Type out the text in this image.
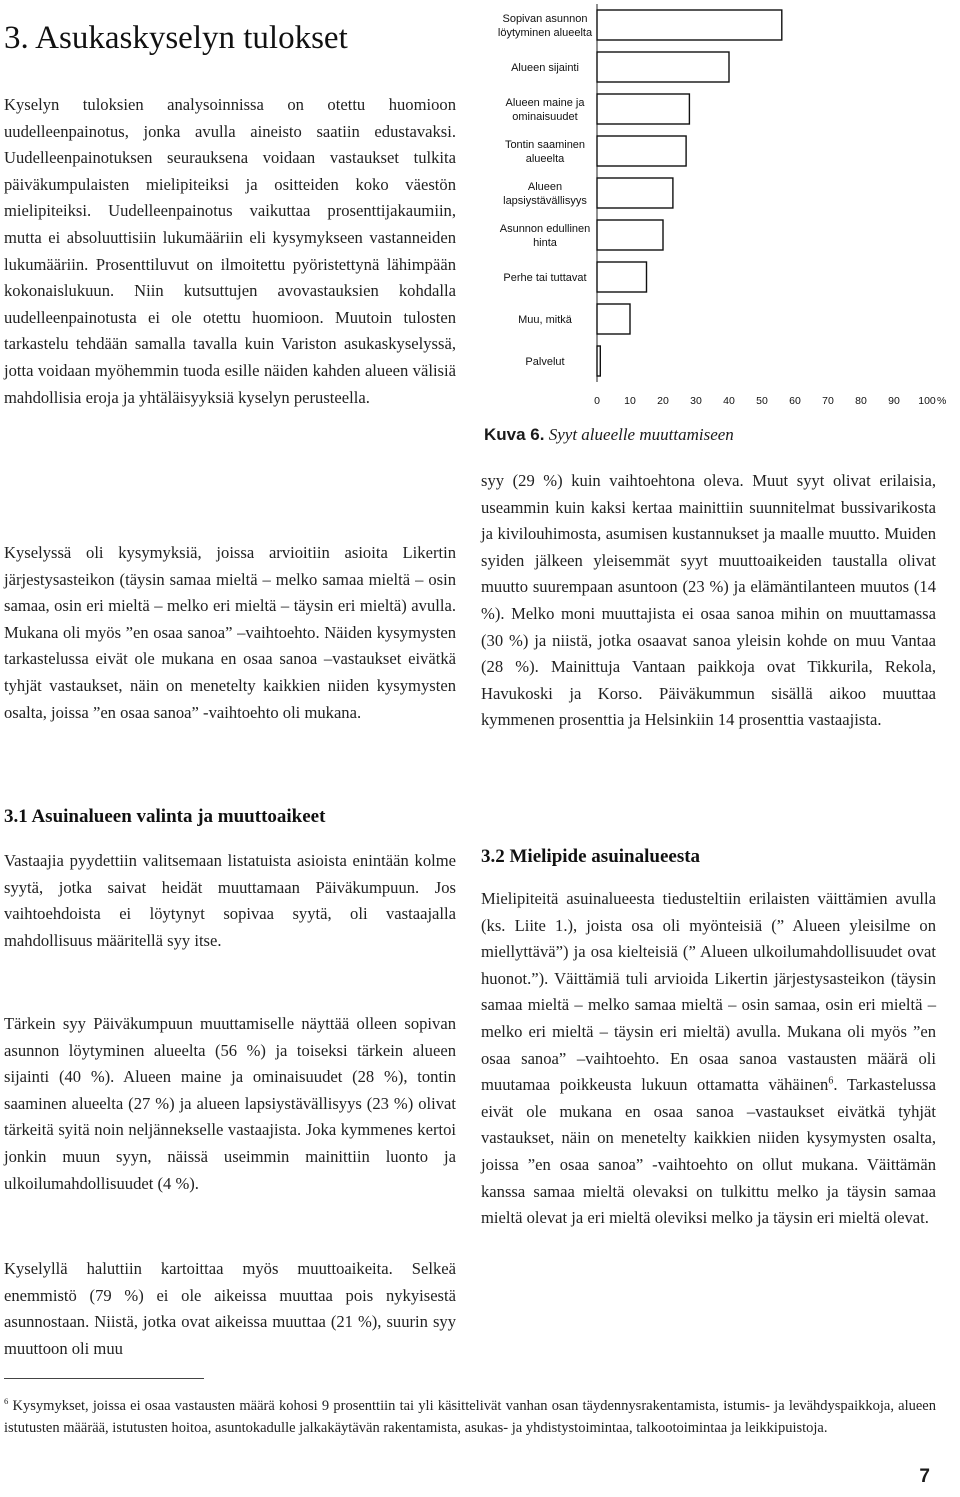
3. Asukaskyselyn tulokset

Kyselyn tuloksien analysoinnissa on otettu huomioon uudelleenpainotus, jonka avulla aineisto saatiin edustavaksi. Uudelleenpainotuksen seurauksena voidaan vastaukset tulkita päiväkumpulaisten mielipiteiksi ja ositteiden koko väestön mielipiteiksi. Uudelleenpainotus vaikuttaa prosenttijakaumiin, mutta ei absoluuttisiin lukumääriin eli kysymykseen vastanneiden lukumääriin. Prosenttiluvut on ilmoitettu pyöristettynä lähimpään kokonaislukuun. Niin kutsuttujen avovastauksien kohdalla uudelleenpainotusta ei ole otettu huomioon. Muutoin tulosten tarkastelu tehdään samalla tavalla kuin Variston asukaskyselyssä, jotta voidaan myöhemmin tuoda esille näiden kahden alueen välisiä mahdollisia eroja ja yhtäläisyyksiä kyselyn perusteella.

Kyselyssä oli kysymyksiä, joissa arvioitiin asioita Likertin järjestysasteikon (täysin samaa mieltä – melko samaa mieltä – osin samaa, osin eri mieltä – melko eri mieltä – täysin eri mieltä) avulla. Mukana oli myös ”en osaa sanoa” –vaihtoehto. Näiden kysymysten tarkastelussa eivät ole mukana en osaa sanoa –vastaukset eivätkä tyhjät vastaukset, näin on menetelty kaikkien niiden kysymysten osalta, joissa ”en osaa sanoa” -vaihtoehto oli mukana.

3.1 Asuinalueen valinta ja muuttoaikeet

Vastaajia pyydettiin valitsemaan listatuista asioista enintään kolme syytä, jotka saivat heidät muuttamaan Päiväkumpuun. Jos vaihtoehdoista ei löytynyt sopivaa syytä, oli vastaajalla mahdollisuus määritellä syy itse.

Tärkein syy Päiväkumpuun muuttamiselle näyttää olleen sopivan asunnon löytyminen alueelta (56 %) ja toiseksi tärkein alueen sijainti (40 %). Alueen maine ja ominaisuudet (28 %), tontin saaminen alueelta (27 %) ja alueen lapsiystävällisyys (23 %) olivat tärkeitä syitä noin neljännekselle vastaajista. Joka kymmenes kertoi jonkin muun syyn, näissä useimmin mainittiin luonto ja ulkoilumahdollisuudet (4 %).

Kyselyllä haluttiin kartoittaa myös muuttoaikeita. Selkeä enemmistö (79 %) ei ole aikeissa muuttaa pois nykyisestä asunnostaan. Niistä, jotka ovat aikeissa muuttaa (21 %), suurin syy muuttoon oli muu

Sopivan asunnon löytyminen alueelta
Alueen sijainti
Alueen maine ja ominaisuudet
Tontin saaminen alueelta
Alueen lapsiystävällisyys
Asunnon edullinen hinta
Perhe tai tuttavat
Muu, mitkä
Palvelut
0 10 20 30 40 50 60 70 80 90 100 %

Kuva 6. Syyt alueelle muuttamiseen

syy (29 %) kuin vaihtoehtona oleva. Muut syyt olivat erilaisia, useammin kuin kaksi kertaa mainittiin suunnitelmat bussivarikosta ja kivilouhimosta, asumisen kustannukset ja maalle muutto. Muiden syiden jälkeen yleisemmät syyt muuttoaikeiden taustalla olivat muutto suurempaan asuntoon (23 %) ja elämäntilanteen muutos (14 %). Melko moni muuttajista ei osaa sanoa mihin on muuttamassa (30 %) ja niistä, jotka osaavat sanoa yleisin kohde on muu Vantaa (28 %). Mainittuja Vantaan paikkoja ovat Tikkurila, Rekola, Havukoski ja Korso. Päiväkummun sisällä aikoo muuttaa kymmenen prosenttia ja Helsinkiin 14 prosenttia vastaajista.

3.2 Mielipide asuinalueesta

Mielipiteitä asuinalueesta tiedusteltiin erilaisten väittämien avulla (ks. Liite 1.), joista osa oli myönteisiä (” Alueen yleisilme on miellyttävä”) ja osa kielteisiä (” Alueen ulkoilumahdollisuudet ovat huonot.”). Väittämiä tuli arvioida Likertin järjestysasteikon (täysin samaa mieltä – melko samaa mieltä – osin samaa, osin eri mieltä – melko eri mieltä – täysin eri mieltä) avulla. Mukana oli myös ”en osaa sanoa” –vaihtoehto. En osaa sanoa vastausten määrä oli muutamaa poikkeusta lukuun ottamatta vähäinen$^6$. Tarkastelussa eivät ole mukana en osaa sanoa –vastaukset eivätkä tyhjät vastaukset, näin on menetelty kaikkien niiden kysymysten osalta, joissa ”en osaa sanoa” -vaihtoehto on ollut mukana. Väittämän kanssa samaa mieltä olevaksi on tulkittu melko ja täysin samaa mieltä olevat ja eri mieltä oleviksi melko ja täysin eri mieltä olevat.

$^6$ Kysymykset, joissa ei osaa vastausten määrä kohosi 9 prosenttiin tai yli käsittelivät vanhan osan täydennysrakentamista, istumis- ja levähdyspaikkoja, alueen istutusten määrää, istutusten hoitoa, asuntokadulle jalkakäytävän rakentamista, asukas- ja yhdistystoimintaa, talkootoimintaa ja leikkipuistoja.

7
